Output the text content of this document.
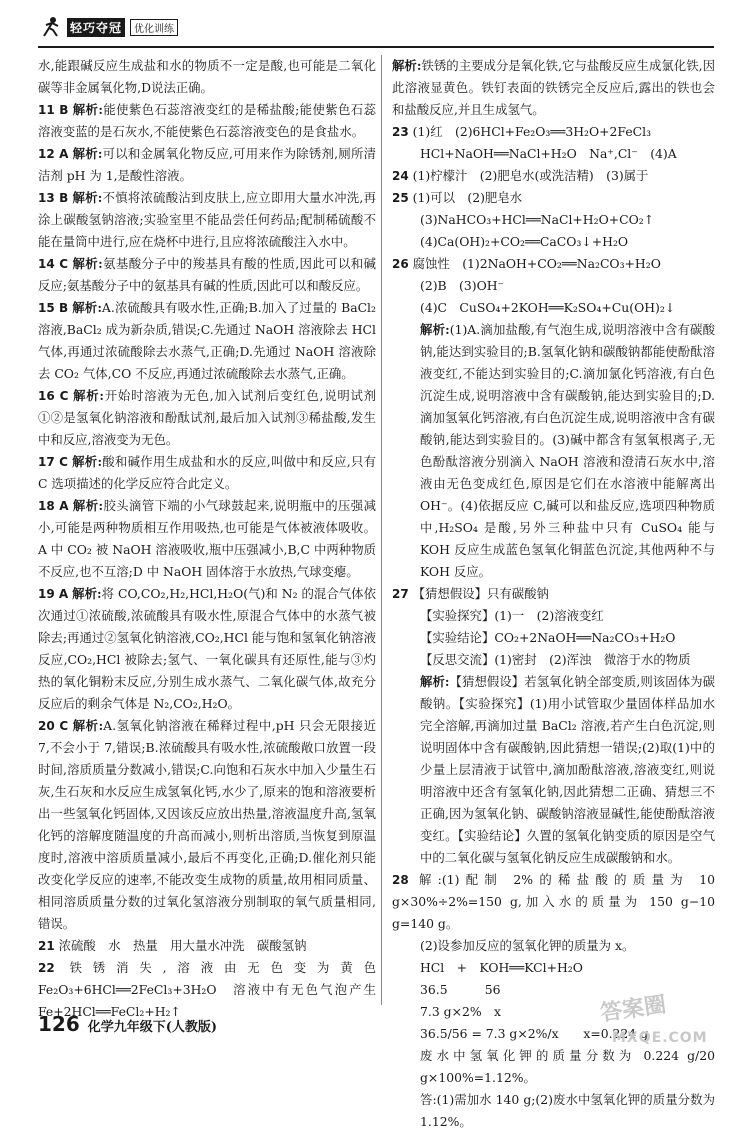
轻巧夺冠	优化训练

水,能跟碱反应生成盐和水的物质不一定是酸,也可能是二氧化碳等非金属氧化物,D说法正确。

11 B 解析:能使紫色石蕊溶液变红的是稀盐酸;能使紫色石蕊溶液变蓝的是石灰水,不能使紫色石蕊溶液变色的是食盐水。

12 A 解析:可以和金属氧化物反应,可用来作为除锈剂,厕所清洁剂 pH 为 1,是酸性溶液。

13 B 解析:不慎将浓硫酸沾到皮肤上,应立即用大量水冲洗,再涂上碳酸氢钠溶液;实验室里不能品尝任何药品;配制稀硫酸不能在量筒中进行,应在烧杯中进行,且应将浓硫酸注入水中。

14 C 解析:氨基酸分子中的羧基具有酸的性质,因此可以和碱反应;氨基酸分子中的氨基具有碱的性质,因此可以和酸反应。

15 B 解析:A.浓硫酸具有吸水性,正确;B.加入了过量的 BaCl₂ 溶液,BaCl₂ 成为新杂质,错误;C.先通过 NaOH 溶液除去 HCl 气体,再通过浓硫酸除去水蒸气,正确;D.先通过 NaOH 溶液除去 CO₂ 气体,CO 不反应,再通过浓硫酸除去水蒸气,正确。

16 C 解析:开始时溶液为无色,加入试剂后变红色,说明试剂①②是氢氧化钠溶液和酚酞试剂,最后加入试剂③稀盐酸,发生中和反应,溶液变为无色。

17 C 解析:酸和碱作用生成盐和水的反应,叫做中和反应,只有 C 选项描述的化学反应符合此定义。

18 A 解析:胶头滴管下端的小气球鼓起来,说明瓶中的压强减小,可能是两种物质相互作用吸热,也可能是气体被液体吸收。A 中 CO₂ 被 NaOH 溶液吸收,瓶中压强减小,B,C 中两种物质不反应,也不互溶;D 中 NaOH 固体溶于水放热,气球变瘪。

19 A 解析:将 CO,CO₂,H₂,HCl,H₂O(气)和 N₂ 的混合气体依次通过①浓硫酸,浓硫酸具有吸水性,原混合气体中的水蒸气被除去;再通过②氢氧化钠溶液,CO₂,HCl 能与饱和氢氧化钠溶液反应,CO₂,HCl 被除去;氢气、一氧化碳具有还原性,能与③灼热的氧化铜粉末反应,分别生成水蒸气、二氧化碳气体,故充分反应后的剩余气体是 N₂,CO₂,H₂O。

20 C 解析:A.氢氧化钠溶液在稀释过程中,pH 只会无限接近 7,不会小于 7,错误;B.浓硫酸具有吸水性,浓硫酸敞口放置一段时间,溶质质量分数减小,错误;C.向饱和石灰水中加入少量生石灰,生石灰和水反应生成氢氧化钙,水少了,原来的饱和溶液要析出一些氢氧化钙固体,又因该反应放出热量,溶液温度升高,氢氧化钙的溶解度随温度的升高而减小,则析出溶质,当恢复到原温度时,溶液中溶质质量减小,最后不再变化,正确;D.催化剂只能改变化学反应的速率,不能改变生成物的质量,故用相同质量、相同溶质质量分数的过氧化氢溶液分别制取的氧气质量相同,错误。

21 浓硫酸　水　热量　用大量水冲洗　碳酸氢钠

22 铁锈消失,溶液由无色变为黄色　Fe₂O₃+6HCl══2FeCl₃+3H₂O　溶液中有无色气泡产生　Fe+2HCl══FeCl₂+H₂↑

解析:铁锈的主要成分是氧化铁,它与盐酸反应生成氯化铁,因此溶液显黄色。铁钉表面的铁锈完全反应后,露出的铁也会和盐酸反应,并且生成氢气。

23 (1)红　(2)6HCl+Fe₂O₃══3H₂O+2FeCl₃

HCl+NaOH══NaCl+H₂O　Na⁺,Cl⁻　(4)A

24 (1)柠檬汁　(2)肥皂水(或洗洁精)　(3)属于

25 (1)可以　(2)肥皂水

(3)NaHCO₃+HCl══NaCl+H₂O+CO₂↑

(4)Ca(OH)₂+CO₂══CaCO₃↓+H₂O

26 腐蚀性　(1)2NaOH+CO₂══Na₂CO₃+H₂O

(2)B　(3)OH⁻

(4)C　CuSO₄+2KOH══K₂SO₄+Cu(OH)₂↓

解析:(1)A.滴加盐酸,有气泡生成,说明溶液中含有碳酸钠,能达到实验目的;B.氢氧化钠和碳酸钠都能使酚酞溶液变红,不能达到实验目的;C.滴加氯化钙溶液,有白色沉淀生成,说明溶液中含有碳酸钠,能达到实验目的;D.滴加氢氧化钙溶液,有白色沉淀生成,说明溶液中含有碳酸钠,能达到实验目的。(3)碱中都含有氢氧根离子,无色酚酞溶液分别滴入 NaOH 溶液和澄清石灰水中,溶液由无色变成红色,原因是它们在水溶液中能解离出 OH⁻。(4)依据反应 C,碱可以和盐反应,选项四种物质中,H₂SO₄ 是酸,另外三种盐中只有 CuSO₄ 能与 KOH 反应生成蓝色氢氧化铜蓝色沉淀,其他两种不与 KOH 反应。

27 【猜想假设】只有碳酸钠

【实验探究】(1)一　(2)溶液变红

【实验结论】CO₂+2NaOH══Na₂CO₃+H₂O

【反思交流】(1)密封　(2)浑浊　微溶于水的物质

解析:【猜想假设】若氢氧化钠全部变质,则该固体为碳酸钠。【实验探究】(1)用小试管取少量固体样品加水完全溶解,再滴加过量 BaCl₂ 溶液,若产生白色沉淀,则说明固体中含有碳酸钠,因此猜想一错误;(2)取(1)中的少量上层清液于试管中,滴加酚酞溶液,溶液变红,则说明溶液中还含有氢氧化钠,因此猜想二正确、猜想三不正确,因为氢氧化钠、碳酸钠溶液显碱性,能使酚酞溶液变红。【实验结论】久置的氢氧化钠变质的原因是空气中的二氧化碳与氢氧化钠反应生成碳酸钠和水。

28 解:(1)配制 2%的稀盐酸的质量为 10 g×30%÷2%=150 g,加入水的质量为 150 g−10 g=140 g。

(2)设参加反应的氢氧化钾的质量为 x。

HCl　+　KOH══KCl+H₂O

36.5　　　56

7.3 g×2%　x

36.5/56 = 7.3 g×2%/x　　x=0.224 g

废水中氢氧化钾的质量分数为 0.224 g/20 g×100%=1.12%。

答:(1)需加水 140 g;(2)废水中氢氧化钾的质量分数为 1.12%。

126 化学九年级下(人教版)
答案圈
MXQE.COM
